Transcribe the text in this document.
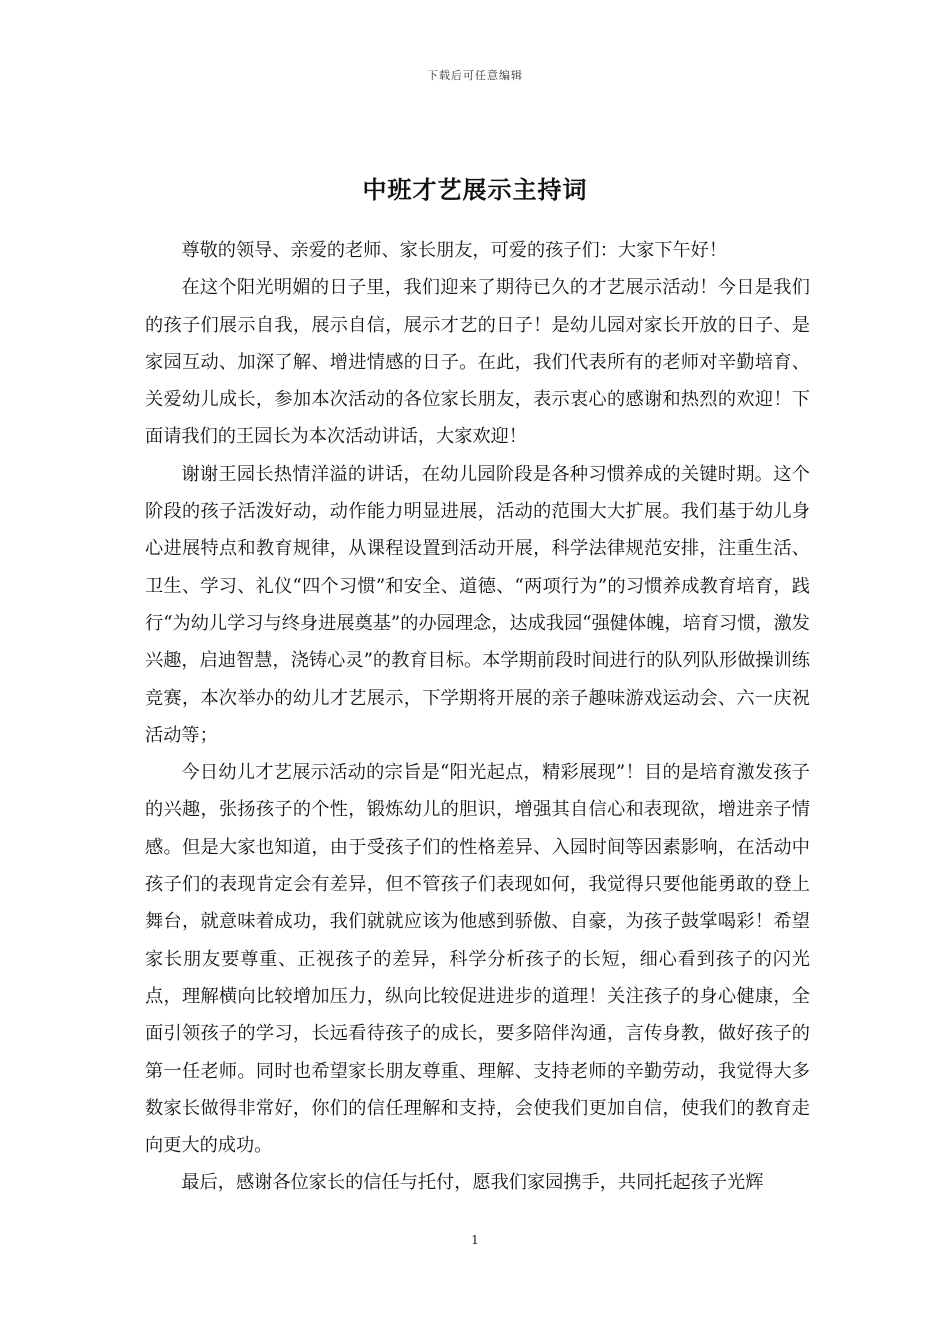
下载后可任意编辑
中班才艺展示主持词

尊敬的领导、亲爱的老师、家长朋友，可爱的孩子们：大家下午好！

在这个阳光明媚的日子里，我们迎来了期待已久的才艺展示活动！今日是我们的孩子们展示自我，展示自信，展示才艺的日子！是幼儿园对家长开放的日子、是家园互动、加深了解、增进情感的日子。在此，我们代表所有的老师对辛勤培育、关爱幼儿成长，参加本次活动的各位家长朋友，表示衷心的感谢和热烈的欢迎！下面请我们的王园长为本次活动讲话，大家欢迎！

谢谢王园长热情洋溢的讲话，在幼儿园阶段是各种习惯养成的关键时期。这个阶段的孩子活泼好动，动作能力明显进展，活动的范围大大扩展。我们基于幼儿身心进展特点和教育规律，从课程设置到活动开展，科学法律规范安排，注重生活、卫生、学习、礼仪“四个习惯”和安全、道德、“两项行为”的习惯养成教育培育，践行“为幼儿学习与终身进展奠基”的办园理念，达成我园“强健体魄，培育习惯，激发兴趣，启迪智慧，浇铸心灵”的教育目标。本学期前段时间进行的队列队形做操训练竞赛，本次举办的幼儿才艺展示，下学期将开展的亲子趣味游戏运动会、六一庆祝活动等；

今日幼儿才艺展示活动的宗旨是“阳光起点，精彩展现”！目的是培育激发孩子的兴趣，张扬孩子的个性，锻炼幼儿的胆识，增强其自信心和表现欲，增进亲子情感。但是大家也知道，由于受孩子们的性格差异、入园时间等因素影响，在活动中孩子们的表现肯定会有差异，但不管孩子们表现如何，我觉得只要他能勇敢的登上舞台，就意味着成功，我们就就应该为他感到骄傲、自豪，为孩子鼓掌喝彩！希望家长朋友要尊重、正视孩子的差异，科学分析孩子的长短，细心看到孩子的闪光点，理解横向比较增加压力，纵向比较促进进步的道理！关注孩子的身心健康，全面引领孩子的学习，长远看待孩子的成长，要多陪伴沟通，言传身教，做好孩子的第一任老师。同时也希望家长朋友尊重、理解、支持老师的辛勤劳动，我觉得大多数家长做得非常好，你们的信任理解和支持，会使我们更加自信，使我们的教育走向更大的成功。

最后，感谢各位家长的信任与托付，愿我们家园携手，共同托起孩子光辉

1
